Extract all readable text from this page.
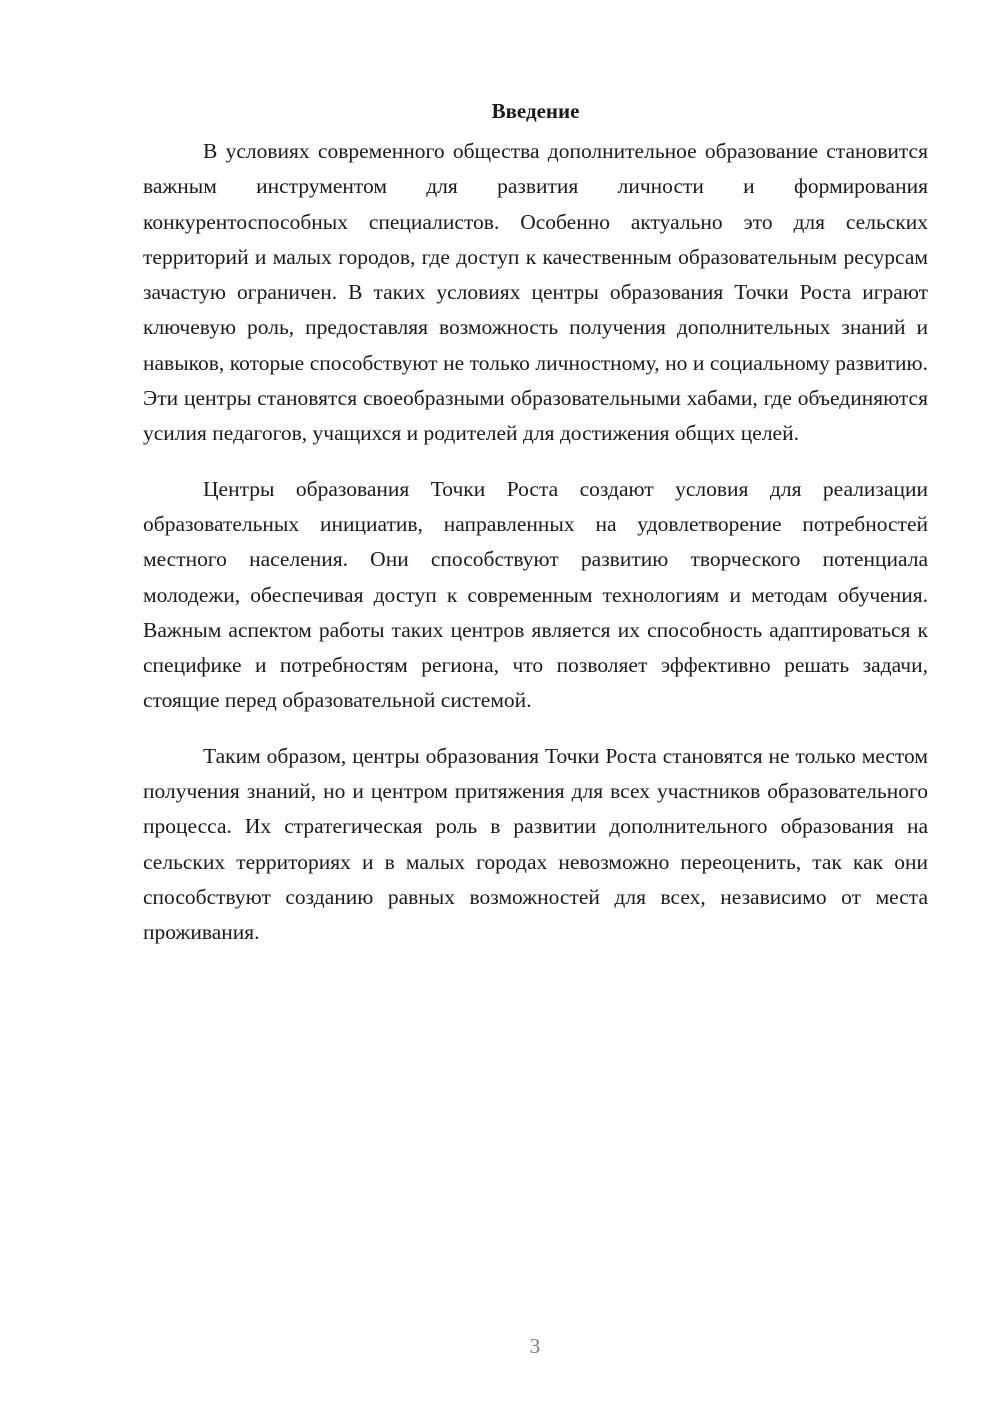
Введение

В условиях современного общества дополнительное образование становится важным инструментом для развития личности и формирования конкурентоспособных специалистов. Особенно актуально это для сельских территорий и малых городов, где доступ к качественным образовательным ресурсам зачастую ограничен. В таких условиях центры образования Точки Роста играют ключевую роль, предоставляя возможность получения дополнительных знаний и навыков, которые способствуют не только личностному, но и социальному развитию. Эти центры становятся своеобразными образовательными хабами, где объединяются усилия педагогов, учащихся и родителей для достижения общих целей.

Центры образования Точки Роста создают условия для реализации образовательных инициатив, направленных на удовлетворение потребностей местного населения. Они способствуют развитию творческого потенциала молодежи, обеспечивая доступ к современным технологиям и методам обучения. Важным аспектом работы таких центров является их способность адаптироваться к специфике и потребностям региона, что позволяет эффективно решать задачи, стоящие перед образовательной системой.

Таким образом, центры образования Точки Роста становятся не только местом получения знаний, но и центром притяжения для всех участников образовательного процесса. Их стратегическая роль в развитии дополнительного образования на сельских территориях и в малых городах невозможно переоценить, так как они способствуют созданию равных возможностей для всех, независимо от места проживания.

3
